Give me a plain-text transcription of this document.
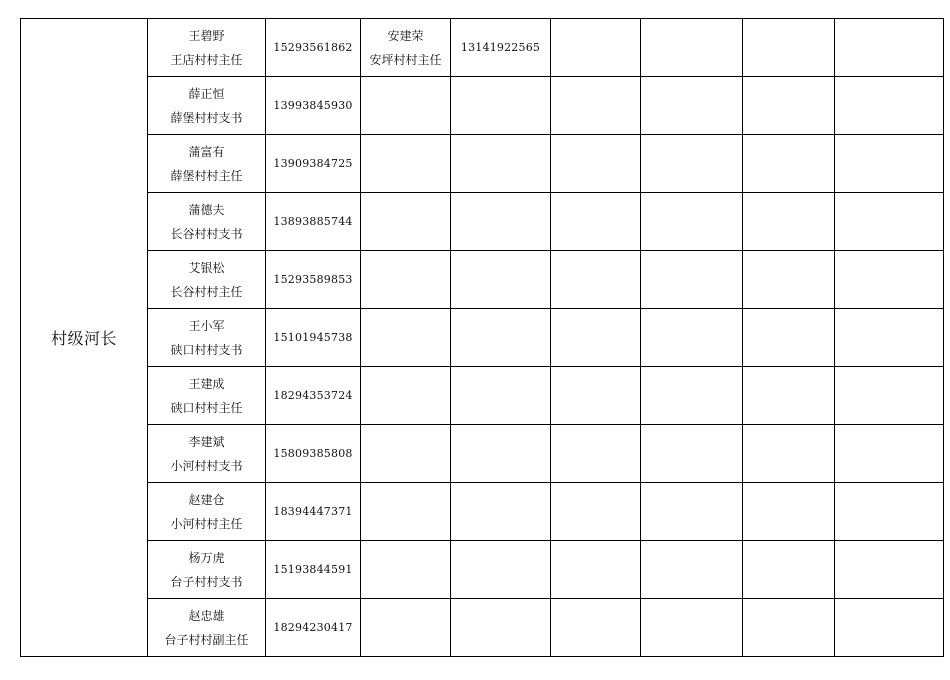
村级河长	王碧野
王店村村主任	15293561862	安建荣
安坪村村主任	13141922565				

	薛正恒
薛堡村村支书	13993845930						

	蒲富有
薛堡村村主任	13909384725						

	蒲德夫
长谷村村支书	13893885744						

	艾银松
长谷村村主任	15293589853						

	王小军
硖口村村支书	15101945738						

	王建成
硖口村村主任	18294353724						

	李建斌
小河村村支书	15809385808						

	赵建仓
小河村村主任	18394447371						

	杨万虎
台子村村支书	15193844591						

	赵忠雄
台子村村副主任	18294230417						
